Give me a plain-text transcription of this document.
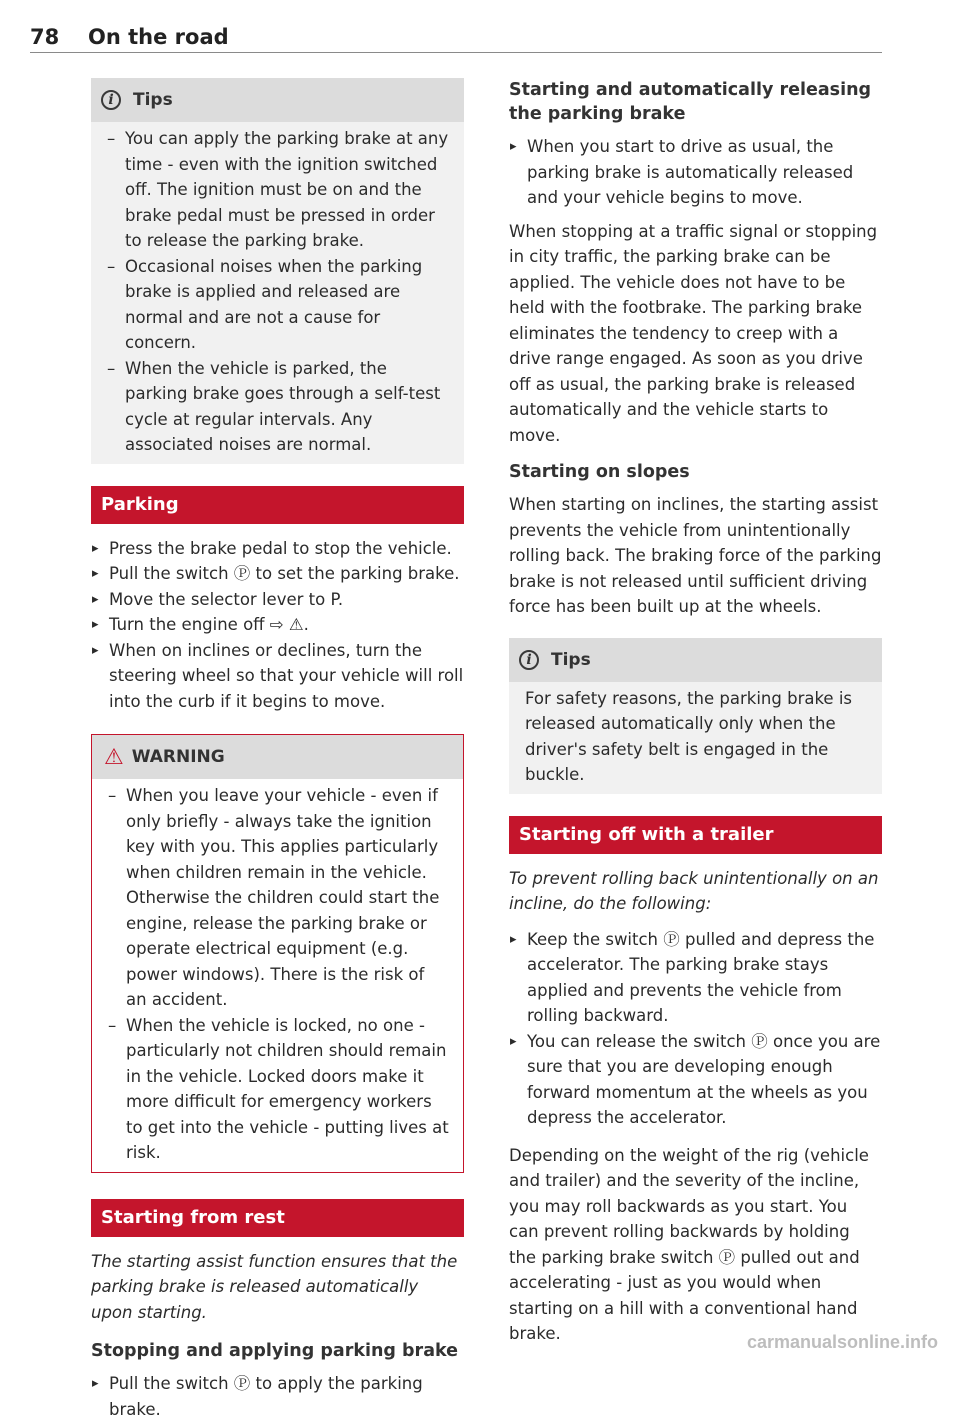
78 On the road
i	Tips

– You can apply the parking brake at any time - even with the ignition switched off. The ignition must be on and the brake pedal must be pressed in order to release the parking brake.

– Occasional noises when the parking brake is applied and released are normal and are not a cause for concern.

– When the vehicle is parked, the parking brake goes through a self-test cycle at regular intervals. Any associated noises are normal.

Parking

▸ Press the brake pedal to stop the vehicle.

▸ Pull the switch Ⓟ to set the parking brake.

▸ Move the selector lever to P.

▸ Turn the engine off ⇨ ⚠.

▸ When on inclines or declines, turn the steering wheel so that your vehicle will roll into the curb if it begins to move.

⚠ WARNING

– When you leave your vehicle - even if only briefly - always take the ignition key with you. This applies particularly when children remain in the vehicle. Otherwise the children could start the engine, release the parking brake or operate electrical equipment (e.g. power windows). There is the risk of an accident.

– When the vehicle is locked, no one - particularly not children should remain in the vehicle. Locked doors make it more difficult for emergency workers to get into the vehicle - putting lives at risk.

Starting from rest

The starting assist function ensures that the parking brake is released automatically upon starting.

Stopping and applying parking brake

▸ Pull the switch Ⓟ to apply the parking brake.

Starting and automatically releasing the parking brake

▸ When you start to drive as usual, the parking brake is automatically released and your vehicle begins to move.

When stopping at a traffic signal or stopping in city traffic, the parking brake can be applied. The vehicle does not have to be held with the footbrake. The parking brake eliminates the tendency to creep with a drive range engaged. As soon as you drive off as usual, the parking brake is released automatically and the vehicle starts to move.

Starting on slopes

When starting on inclines, the starting assist prevents the vehicle from unintentionally rolling back. The braking force of the parking brake is not released until sufficient driving force has been built up at the wheels.

i	Tips

For safety reasons, the parking brake is released automatically only when the driver's safety belt is engaged in the buckle.

Starting off with a trailer

To prevent rolling back unintentionally on an incline, do the following:

▸ Keep the switch Ⓟ pulled and depress the accelerator. The parking brake stays applied and prevents the vehicle from rolling backward.

▸ You can release the switch Ⓟ once you are sure that you are developing enough forward momentum at the wheels as you depress the accelerator.

Depending on the weight of the rig (vehicle and trailer) and the severity of the incline, you may roll backwards as you start. You can prevent rolling backwards by holding the parking brake switch Ⓟ pulled out and accelerating - just as you would when starting on a hill with a conventional hand brake.	carmanualsonline.info
